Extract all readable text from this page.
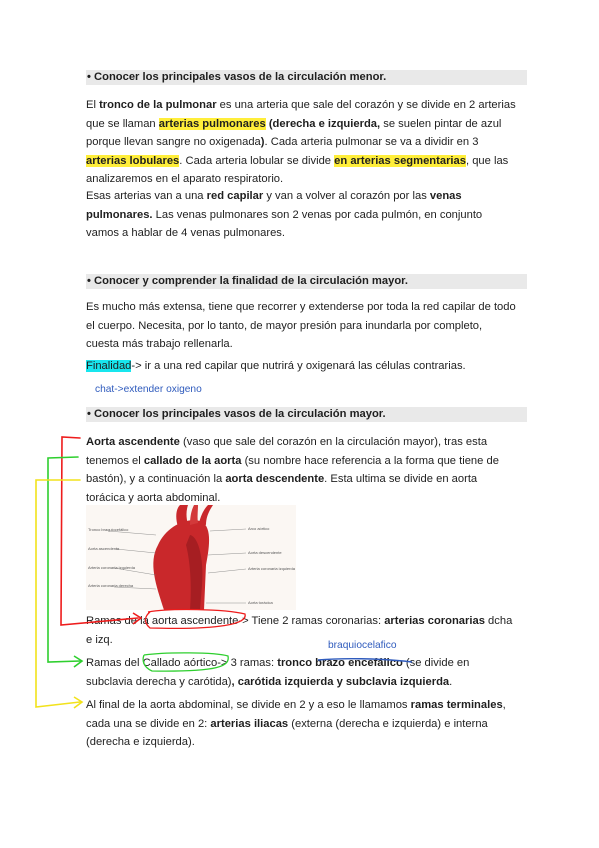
• Conocer los principales vasos de la circulación menor.

El tronco de la pulmonar es una arteria que sale del corazón y se divide en 2 arterias que se llaman arterias pulmonares (derecha e izquierda, se suelen pintar de azul porque llevan sangre no oxigenada). Cada arteria pulmonar se va a dividir en 3 arterias lobulares. Cada arteria lobular se divide en arterias segmentarias, que las analizaremos en el aparato respiratorio.

Esas arterias van a una red capilar y van a volver al corazón por las venas pulmonares. Las venas pulmonares son 2 venas por cada pulmón, en conjunto vamos a hablar de 4 venas pulmonares.

• Conocer y comprender la finalidad de la circulación mayor.

Es mucho más extensa, tiene que recorrer y extenderse por toda la red capilar de todo el cuerpo. Necesita, por lo tanto, de mayor presión para inundarla por completo, cuesta más trabajo rellenarla.

Finalidad-> ir a una red capilar que nutrirá y oxigenará las células contrarias.

chat->extender oxigeno
• Conocer los principales vasos de la circulación mayor.

Aorta ascendente (vaso que sale del corazón en la circulación mayor), tras esta tenemos el callado de la aorta (su nombre hace referencia a la forma que tiene de bastón), y a continuación la aorta descendente. Esta ultima se divide en aorta torácica y aorta abdominal.

Tronco braquiocefálico
Aorta ascendente
Arteria coronaria izquierda
Arteria coronaria derecha
Arco aórtico
Aorta descendente
Arteria coronaria izquierda
Aorta torácica

Ramas de la aorta ascendente-> Tiene 2 ramas coronarias: arterias coronarias dcha e izq.	braquiocelafico

Ramas del Callado aórtico-> 3 ramas: tronco brazo encefálico (se divide en subclavia derecha y carótida), carótida izquierda y subclavia izquierda.

Al final de la aorta abdominal, se divide en 2 y a eso le llamamos ramas terminales, cada una se divide en 2: arterias iliacas (externa (derecha e izquierda) e interna (derecha e izquierda).
